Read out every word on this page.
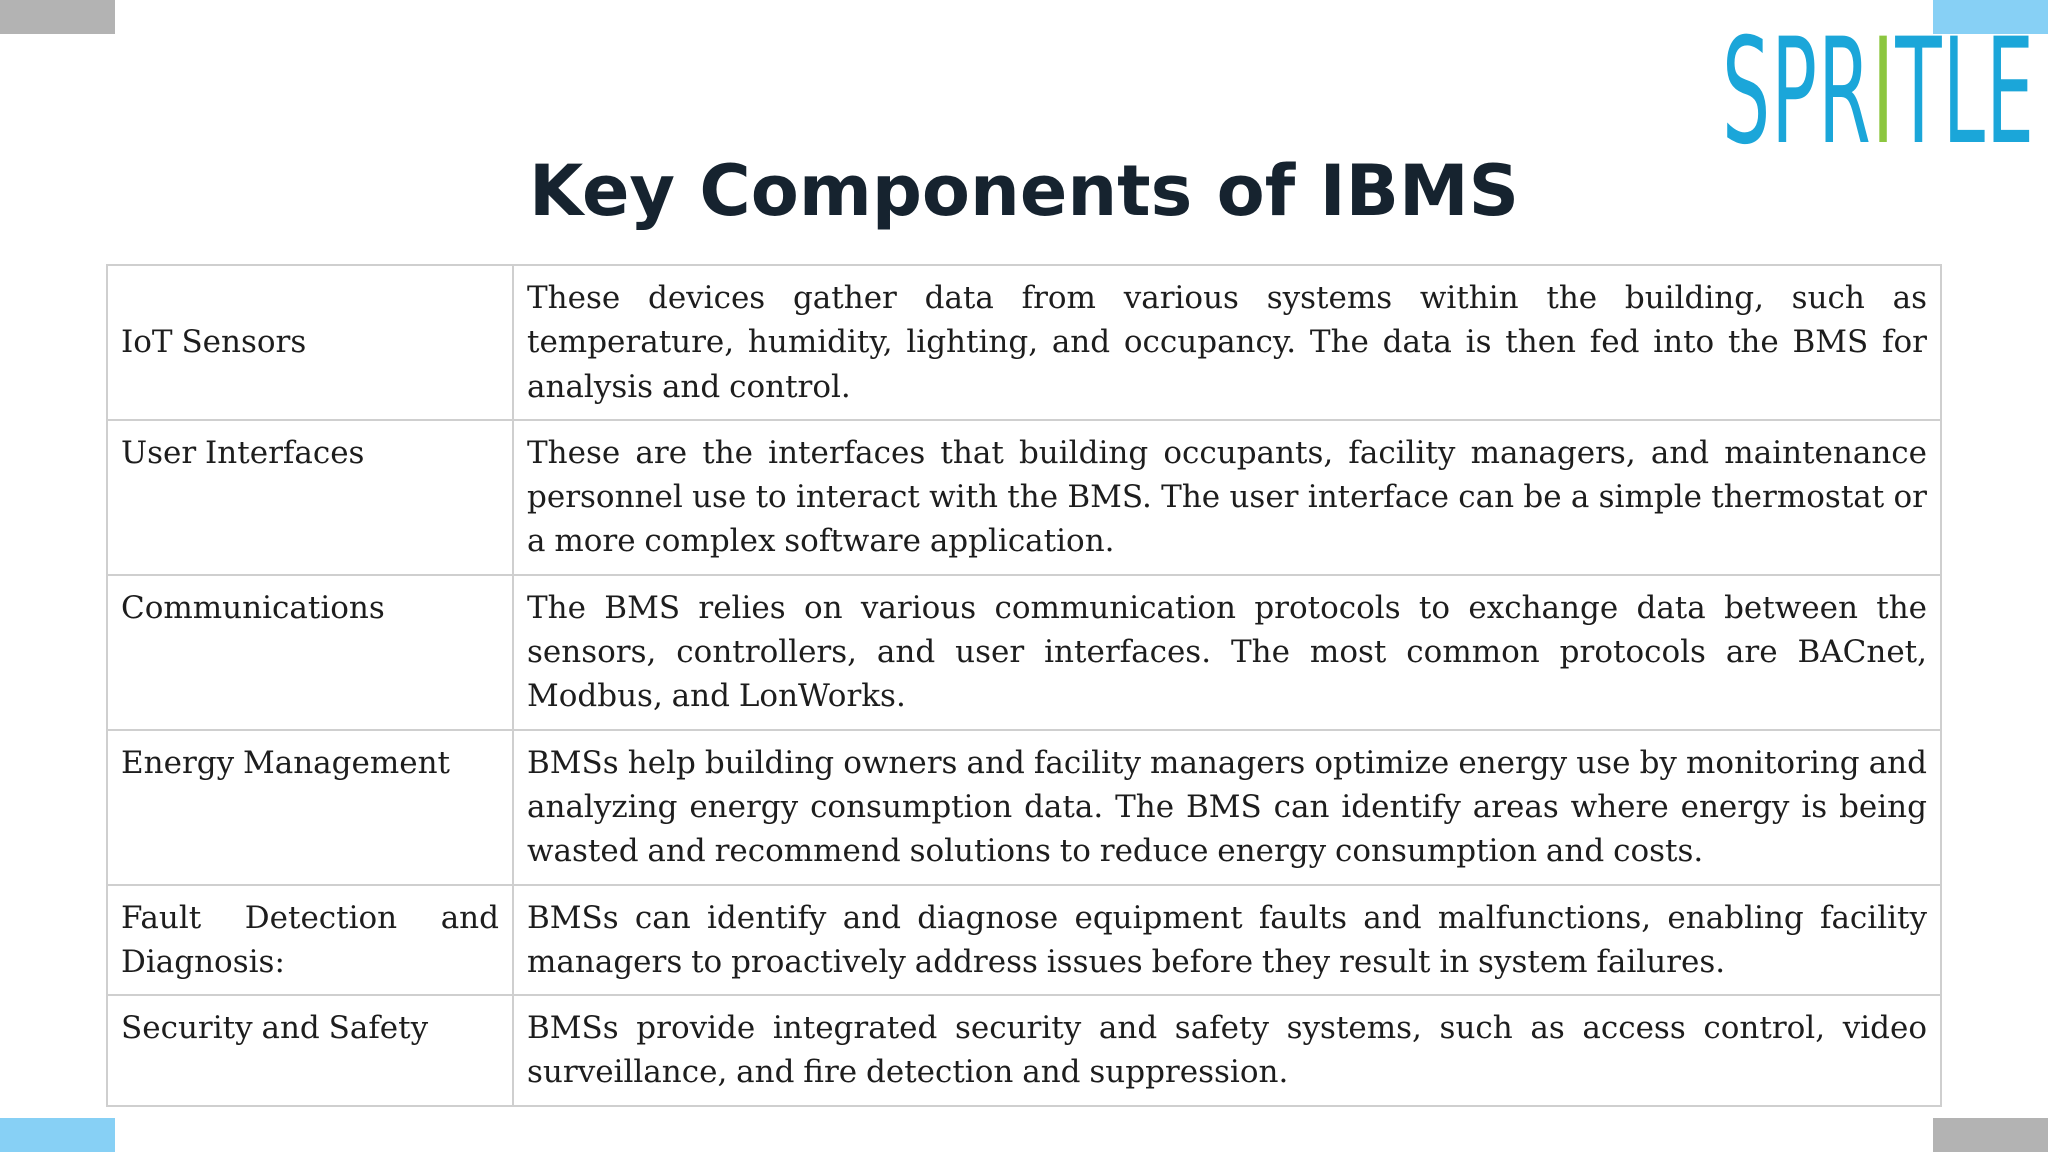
SPRITLE
Key Components of IBMS
IoT Sensors	These devices gather data from various systems within the building, such as temperature, humidity, lighting, and occupancy. The data is then fed into the BMS for analysis and control.
User Interfaces	These are the interfaces that building occupants, facility managers, and maintenance personnel use to interact with the BMS. The user interface can be a simple thermostat or a more complex software application.
Communications	The BMS relies on various communication protocols to exchange data between the sensors, controllers, and user interfaces. The most common protocols are BACnet, Modbus, and LonWorks.
Energy Management	BMSs help building owners and facility managers optimize energy use by monitoring and analyzing energy consumption data. The BMS can identify areas where energy is being wasted and recommend solutions to reduce energy consumption and costs.
Fault Detection and Diagnosis:	BMSs can identify and diagnose equipment faults and malfunctions, enabling facility managers to proactively address issues before they result in system failures.
Security and Safety	BMSs provide integrated security and safety systems, such as access control, video surveillance, and fire detection and suppression.
